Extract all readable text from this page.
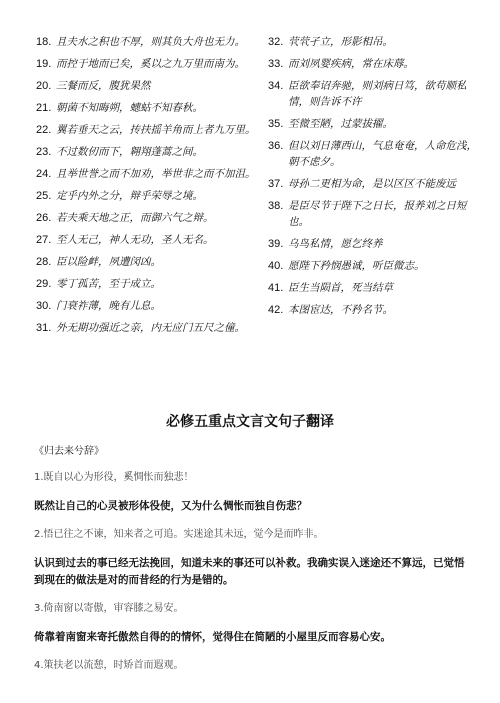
18. 且夫水之积也不厚，则其负大舟也无力。
19. 而控于地而已矣，奚以之九万里而南为。
20. 三餐而反，腹犹果然
21. 朝菌不知晦朔，蟪蛄不知春秋。
22. 翼若垂天之云，抟扶摇羊角而上者九万里。
23. 不过数仞而下，翱翔蓬蒿之间。
24. 且举世誉之而不加劝，举世非之而不加沮。
25. 定乎内外之分，辩乎荣辱之境。
26. 若夫乘天地之正，而御六气之辩。
27. 至人无己，神人无功，圣人无名。
28. 臣以险衅，夙遭闵凶。
29. 零丁孤苦，至于成立。
30. 门衰祚薄，晚有儿息。
31. 外无期功强近之亲，内无应门五尺之僮。
32. 茕茕孑立，形影相吊。
33. 而刘夙婴疾病，常在床蓐。
34. 臣欲奉诏奔驰，则刘病日笃，欲苟顺私情，则告诉不许
35. 至微至陋，过蒙拔擢。
36. 但以刘日薄西山，气息奄奄，人命危浅，朝不虑夕。
37. 母孙二更相为命，是以区区不能废远
38. 是臣尽节于陛下之日长，报养刘之日短也。
39. 乌鸟私情，愿乞终养
40. 愿陛下矜悯愚诚，听臣微志。
41. 臣生当陨首，死当结草
42. 本图宦达，不矜名节。
必修五重点文言文句子翻译
《归去来兮辞》
1.既自以心为形役，奚惆怅而独悲！
既然让自己的心灵被形体役使，又为什么惆怅而独自伤悲？
2.悟已往之不谏，知来者之可追。实迷途其未远，觉今是而昨非。
认识到过去的事已经无法挽回，知道未来的事还可以补救。我确实误入迷途还不算远，已觉悟到现在的做法是对的而昔经的行为是错的。
3.倚南窗以寄傲，审容膝之易安。
倚靠着南窗来寄托傲然自得的的情怀，觉得住在简陋的小屋里反而容易心安。
4.策扶老以流憩，时矫首而遐观。
